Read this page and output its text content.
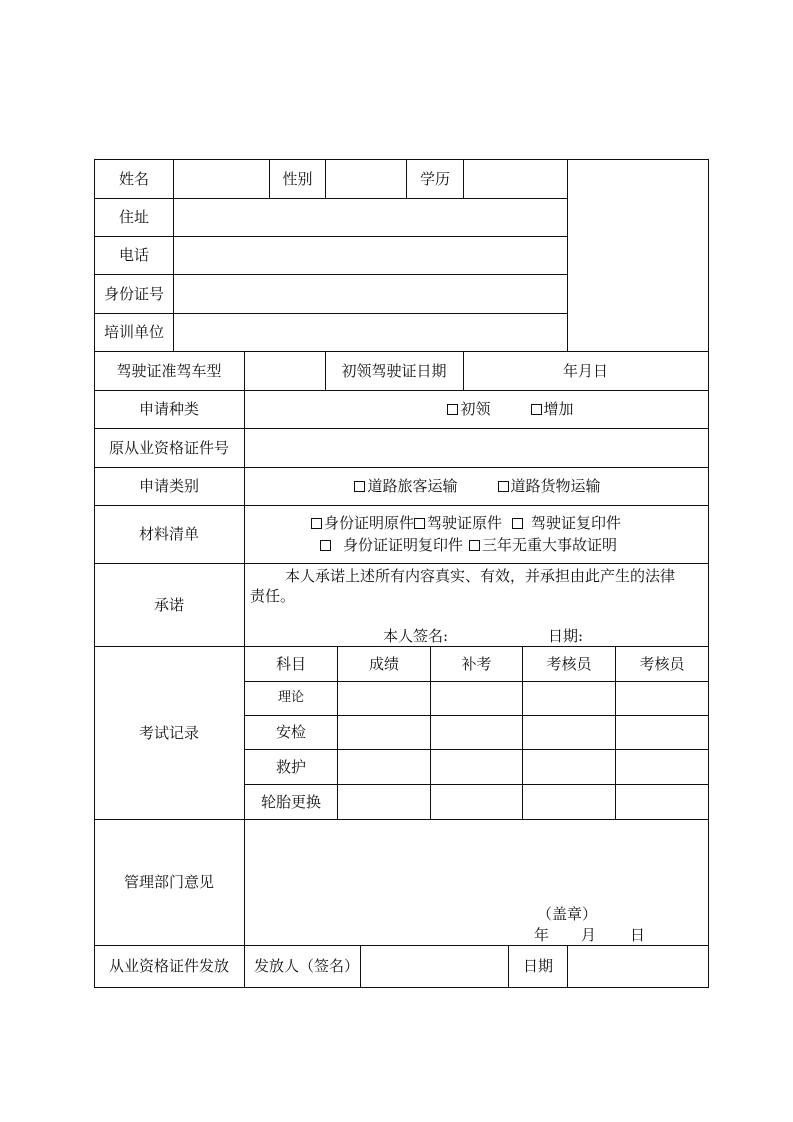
姓名	性别	学历
住址
电话
身份证号
培训单位
驾驶证准驾车型	初领驾驶证日期	年月日
申请种类	初领	增加
原从业资格证件号
申请类别	道路旅客运输	道路货物运输
材料清单
身份证明原件 驾驶证原件 驾驶证复印件
身份证证明复印件 三年无重大事故证明
承诺
本人承诺上述所有内容真实、有效，并承担由此产生的法律
责任。
本人签名:	日期:
考试记录
科目	成绩	补考	考核员	考核员
理论
安检
救护
轮胎更换
管理部门意见
（盖章）
年	月	日
从业资格证件发放	发放人（签名）	日期
